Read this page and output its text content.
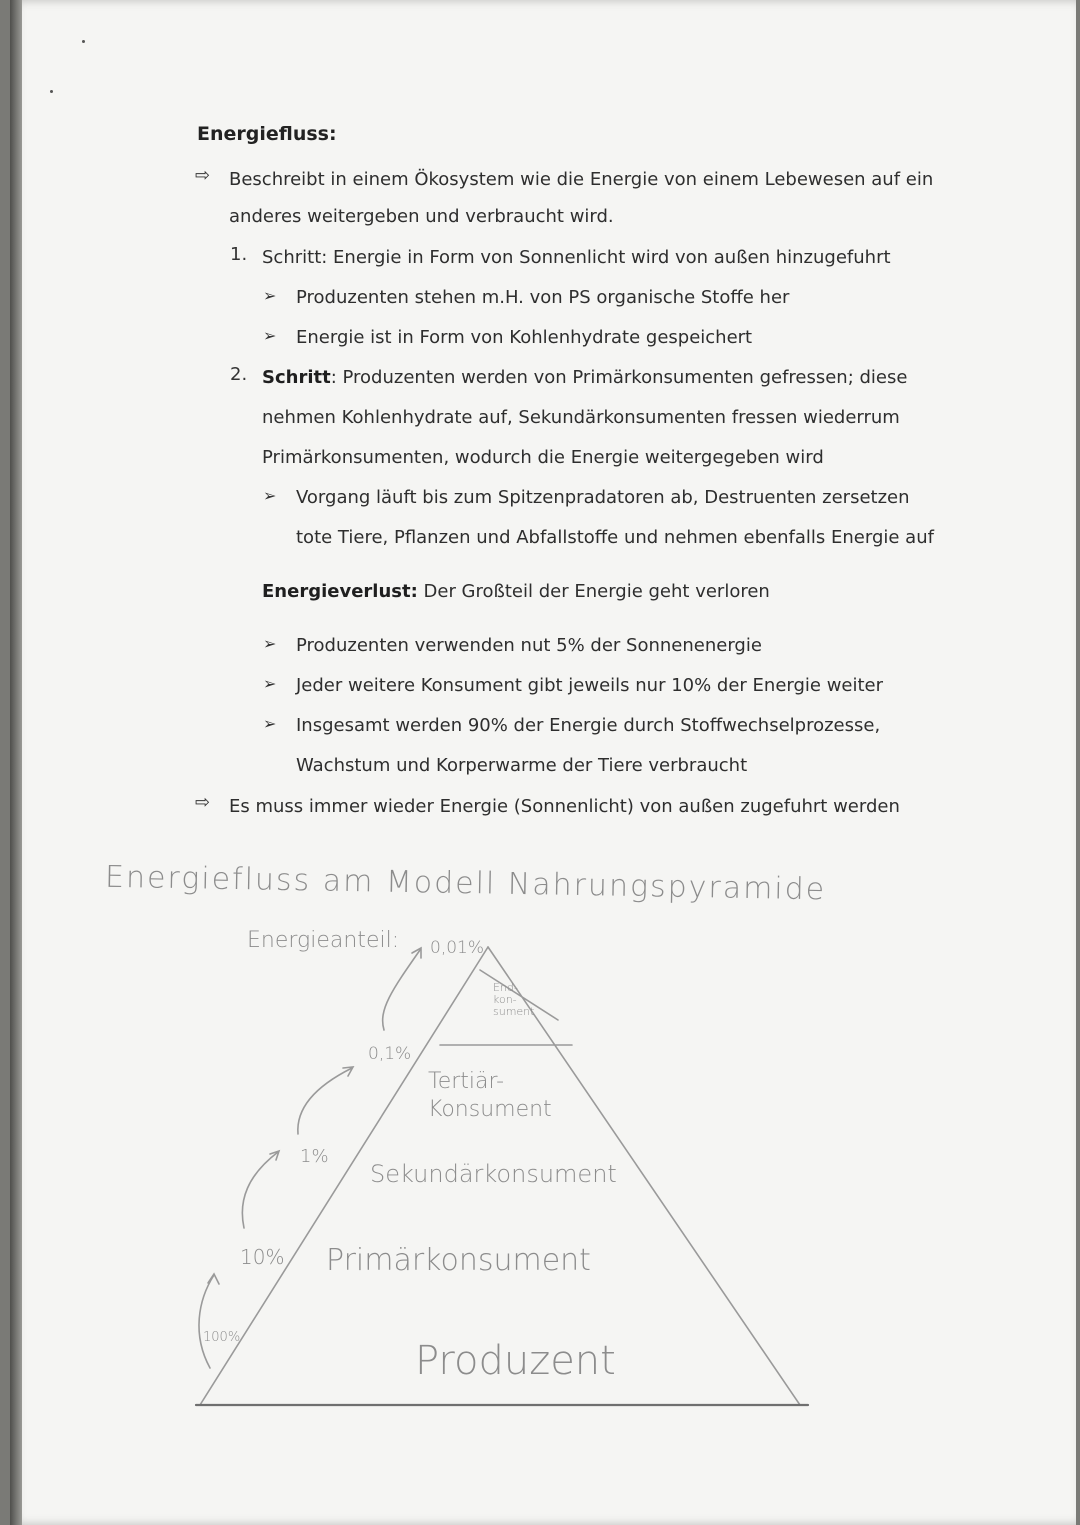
Energiefluss:
⇨ Beschreibt in einem Ökosystem wie die Energie von einem Lebewesen auf ein
anderes weitergeben und verbraucht wird.
1. Schritt: Energie in Form von Sonnenlicht wird von außen hinzugefuhrt
➢ Produzenten stehen m.H. von PS organische Stoffe her
➢ Energie ist in Form von Kohlenhydrate gespeichert
2. Schritt: Produzenten werden von Primärkonsumenten gefressen; diese
nehmen Kohlenhydrate auf, Sekundärkonsumenten fressen wiederrum
Primärkonsumenten, wodurch die Energie weitergegeben wird
➢ Vorgang läuft bis zum Spitzenpradatoren ab, Destruenten zersetzen
tote Tiere, Pflanzen und Abfallstoffe und nehmen ebenfalls Energie auf
Energieverlust: Der Großteil der Energie geht verloren
➢ Produzenten verwenden nut 5% der Sonnenenergie
➢ Jeder weitere Konsument gibt jeweils nur 10% der Energie weiter
➢ Insgesamt werden 90% der Energie durch Stoffwechselprozesse,
Wachstum und Korperwarme der Tiere verbraucht
⇨ Es muss immer wieder Energie (Sonnenlicht) von außen zugefuhrt werden
Energiefluss am Modell Nahrungspyramide
Energieanteil: 0,01%
End-kon-sument
0,1%
Tertiär-Konsument
1%
Sekundärkonsument
10% Primärkonsument
100%
Produzent
